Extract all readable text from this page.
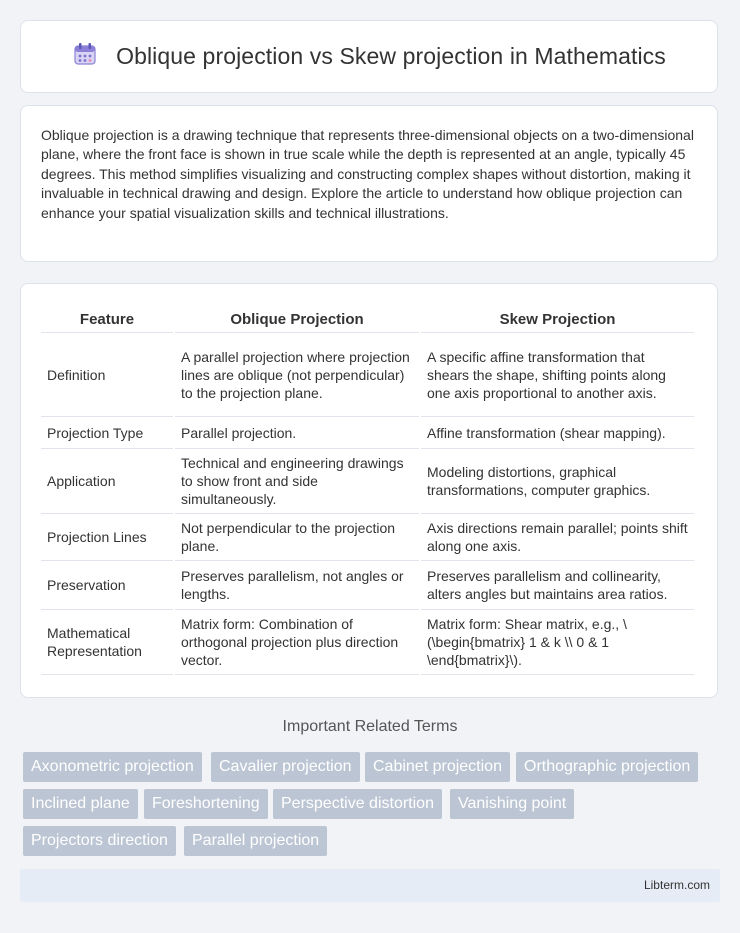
Oblique projection vs Skew projection in Mathematics

Oblique projection is a drawing technique that represents three-dimensional objects on a two-dimensional plane, where the front face is shown in true scale while the depth is represented at an angle, typically 45 degrees. This method simplifies visualizing and constructing complex shapes without distortion, making it invaluable in technical drawing and design. Explore the article to understand how oblique projection can enhance your spatial visualization skills and technical illustrations.

Feature	Oblique Projection	Skew Projection
Definition	A parallel projection where projection lines are oblique (not perpendicular) to the projection plane.	A specific affine transformation that shears the shape, shifting points along one axis proportional to another axis.
Projection Type	Parallel projection.	Affine transformation (shear mapping).
Application	Technical and engineering drawings to show front and side simultaneously.	Modeling distortions, graphical transformations, computer graphics.
Projection Lines	Not perpendicular to the projection plane.	Axis directions remain parallel; points shift along one axis.
Preservation	Preserves parallelism, not angles or lengths.	Preserves parallelism and collinearity, alters angles but maintains area ratios.
Mathematical Representation	Matrix form: Combination of orthogonal projection plus direction vector.	Matrix form: Shear matrix, e.g., \(\begin{bmatrix} 1 & k \\ 0 & 1 \end{bmatrix}\).
Important Related Terms
Axonometric projection	Cavalier projection	Cabinet projection	Orthographic projection
Inclined plane	Foreshortening	Perspective distortion	Vanishing point
Projectors direction	Parallel projection
Libterm.com
